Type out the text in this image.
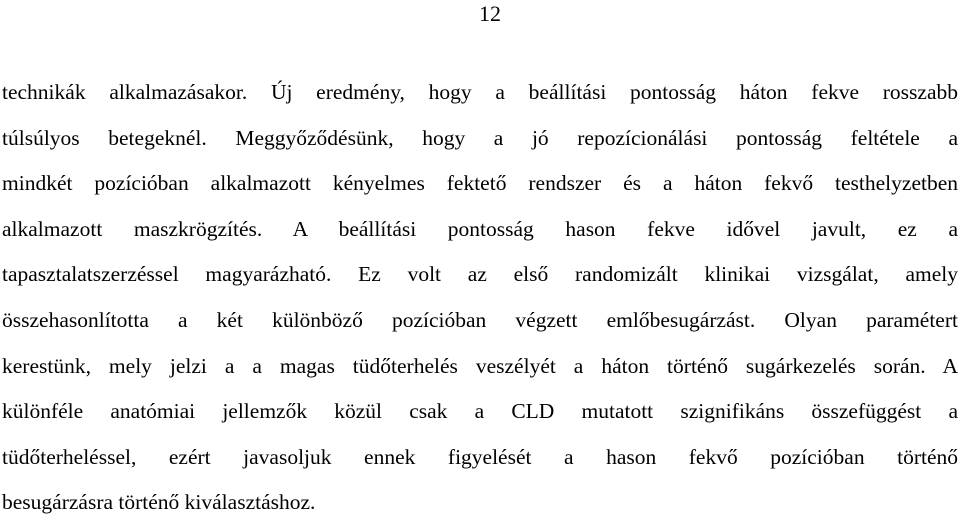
12
technikák alkalmazásakor. Új eredmény, hogy a beállítási pontosság háton fekve rosszabb
túlsúlyos betegeknél. Meggyőződésünk, hogy a jó repozícionálási pontosság feltétele a
mindkét pozícióban alkalmazott kényelmes fektető rendszer és a háton fekvő testhelyzetben
alkalmazott maszkrögzítés. A beállítási pontosság hason fekve idővel javult, ez a
tapasztalatszerzéssel magyarázható. Ez volt az első randomizált klinikai vizsgálat, amely
összehasonlította a két különböző pozícióban végzett emlőbesugárzást. Olyan paramétert
kerestünk, mely jelzi a a magas tüdőterhelés veszélyét a háton történő sugárkezelés során. A
különféle anatómiai jellemzők közül csak a CLD mutatott szignifikáns összefüggést a
tüdőterheléssel, ezért javasoljuk ennek figyelését a hason fekvő pozícióban történő
besugárzásra történő kiválasztáshoz.
